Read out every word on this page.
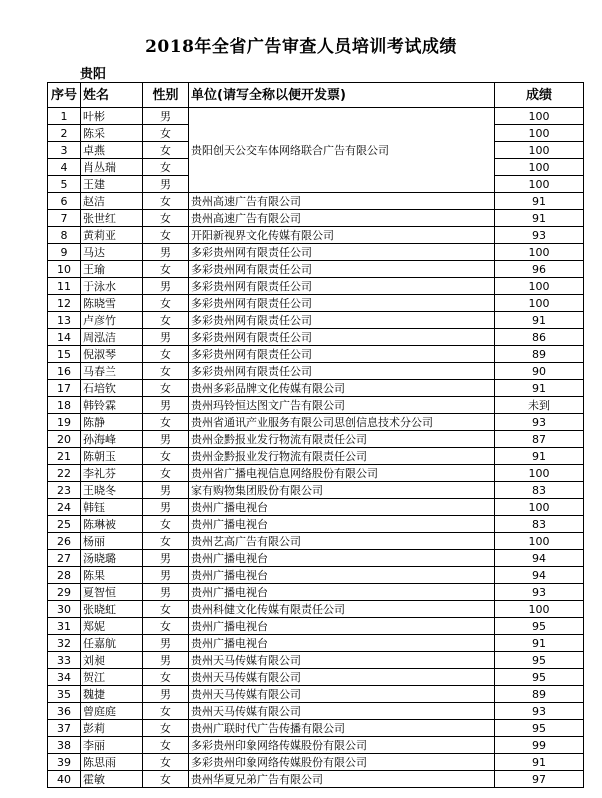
2018年全省广告审查人员培训考试成绩
贵阳
序号	姓名	性别	单位(请写全称以便开发票)	成绩
1	叶彬	男	贵阳创天公交车体网络联合广告有限公司	100
2	陈采	女		100
3	卓燕	女		100
4	肖丛瑞	女		100
5	王建	男		100
6	赵洁	女	贵州高速广告有限公司	91
7	张世红	女	贵州高速广告有限公司	91
8	黄莉亚	女	开阳新视界文化传媒有限公司	93
9	马达	男	多彩贵州网有限责任公司	100
10	王瑜	女	多彩贵州网有限责任公司	96
11	于泳水	男	多彩贵州网有限责任公司	100
12	陈晓雪	女	多彩贵州网有限责任公司	100
13	卢彦竹	女	多彩贵州网有限责任公司	91
14	周泓洁	男	多彩贵州网有限责任公司	86
15	倪淑琴	女	多彩贵州网有限责任公司	89
16	马春兰	女	多彩贵州网有限责任公司	90
17	石培钦	女	贵州多彩品牌文化传媒有限公司	91
18	韩铃霖	男	贵州玛铃恒达图文广告有限公司	未到
19	陈静	女	贵州省通讯产业服务有限公司思创信息技术分公司	93
20	孙海峰	男	贵州金黔报业发行物流有限责任公司	87
21	陈朝玉	女	贵州金黔报业发行物流有限责任公司	91
22	李礼芬	女	贵州省广播电视信息网络股份有限公司	100
23	王晓冬	男	家有购物集团股份有限公司	83
24	韩钰	男	贵州广播电视台	100
25	陈琳被	女	贵州广播电视台	83
26	杨丽	女	贵州艺高广告有限公司	100
27	汤晓璐	男	贵州广播电视台	94
28	陈果	男	贵州广播电视台	94
29	夏智恒	男	贵州广播电视台	93
30	张晓虹	女	贵州科健文化传媒有限责任公司	100
31	郑妮	女	贵州广播电视台	95
32	任嘉航	男	贵州广播电视台	91
33	刘昶	男	贵州天马传媒有限公司	95
34	贺江	女	贵州天马传媒有限公司	95
35	魏捷	男	贵州天马传媒有限公司	89
36	曾庭庭	女	贵州天马传媒有限公司	93
37	彭莉	女	贵州广联时代广告传播有限公司	95
38	李丽	女	多彩贵州印象网络传媒股份有限公司	99
39	陈思雨	女	多彩贵州印象网络传媒股份有限公司	91
40	霍敏	女	贵州华夏兄弟广告有限公司	97
